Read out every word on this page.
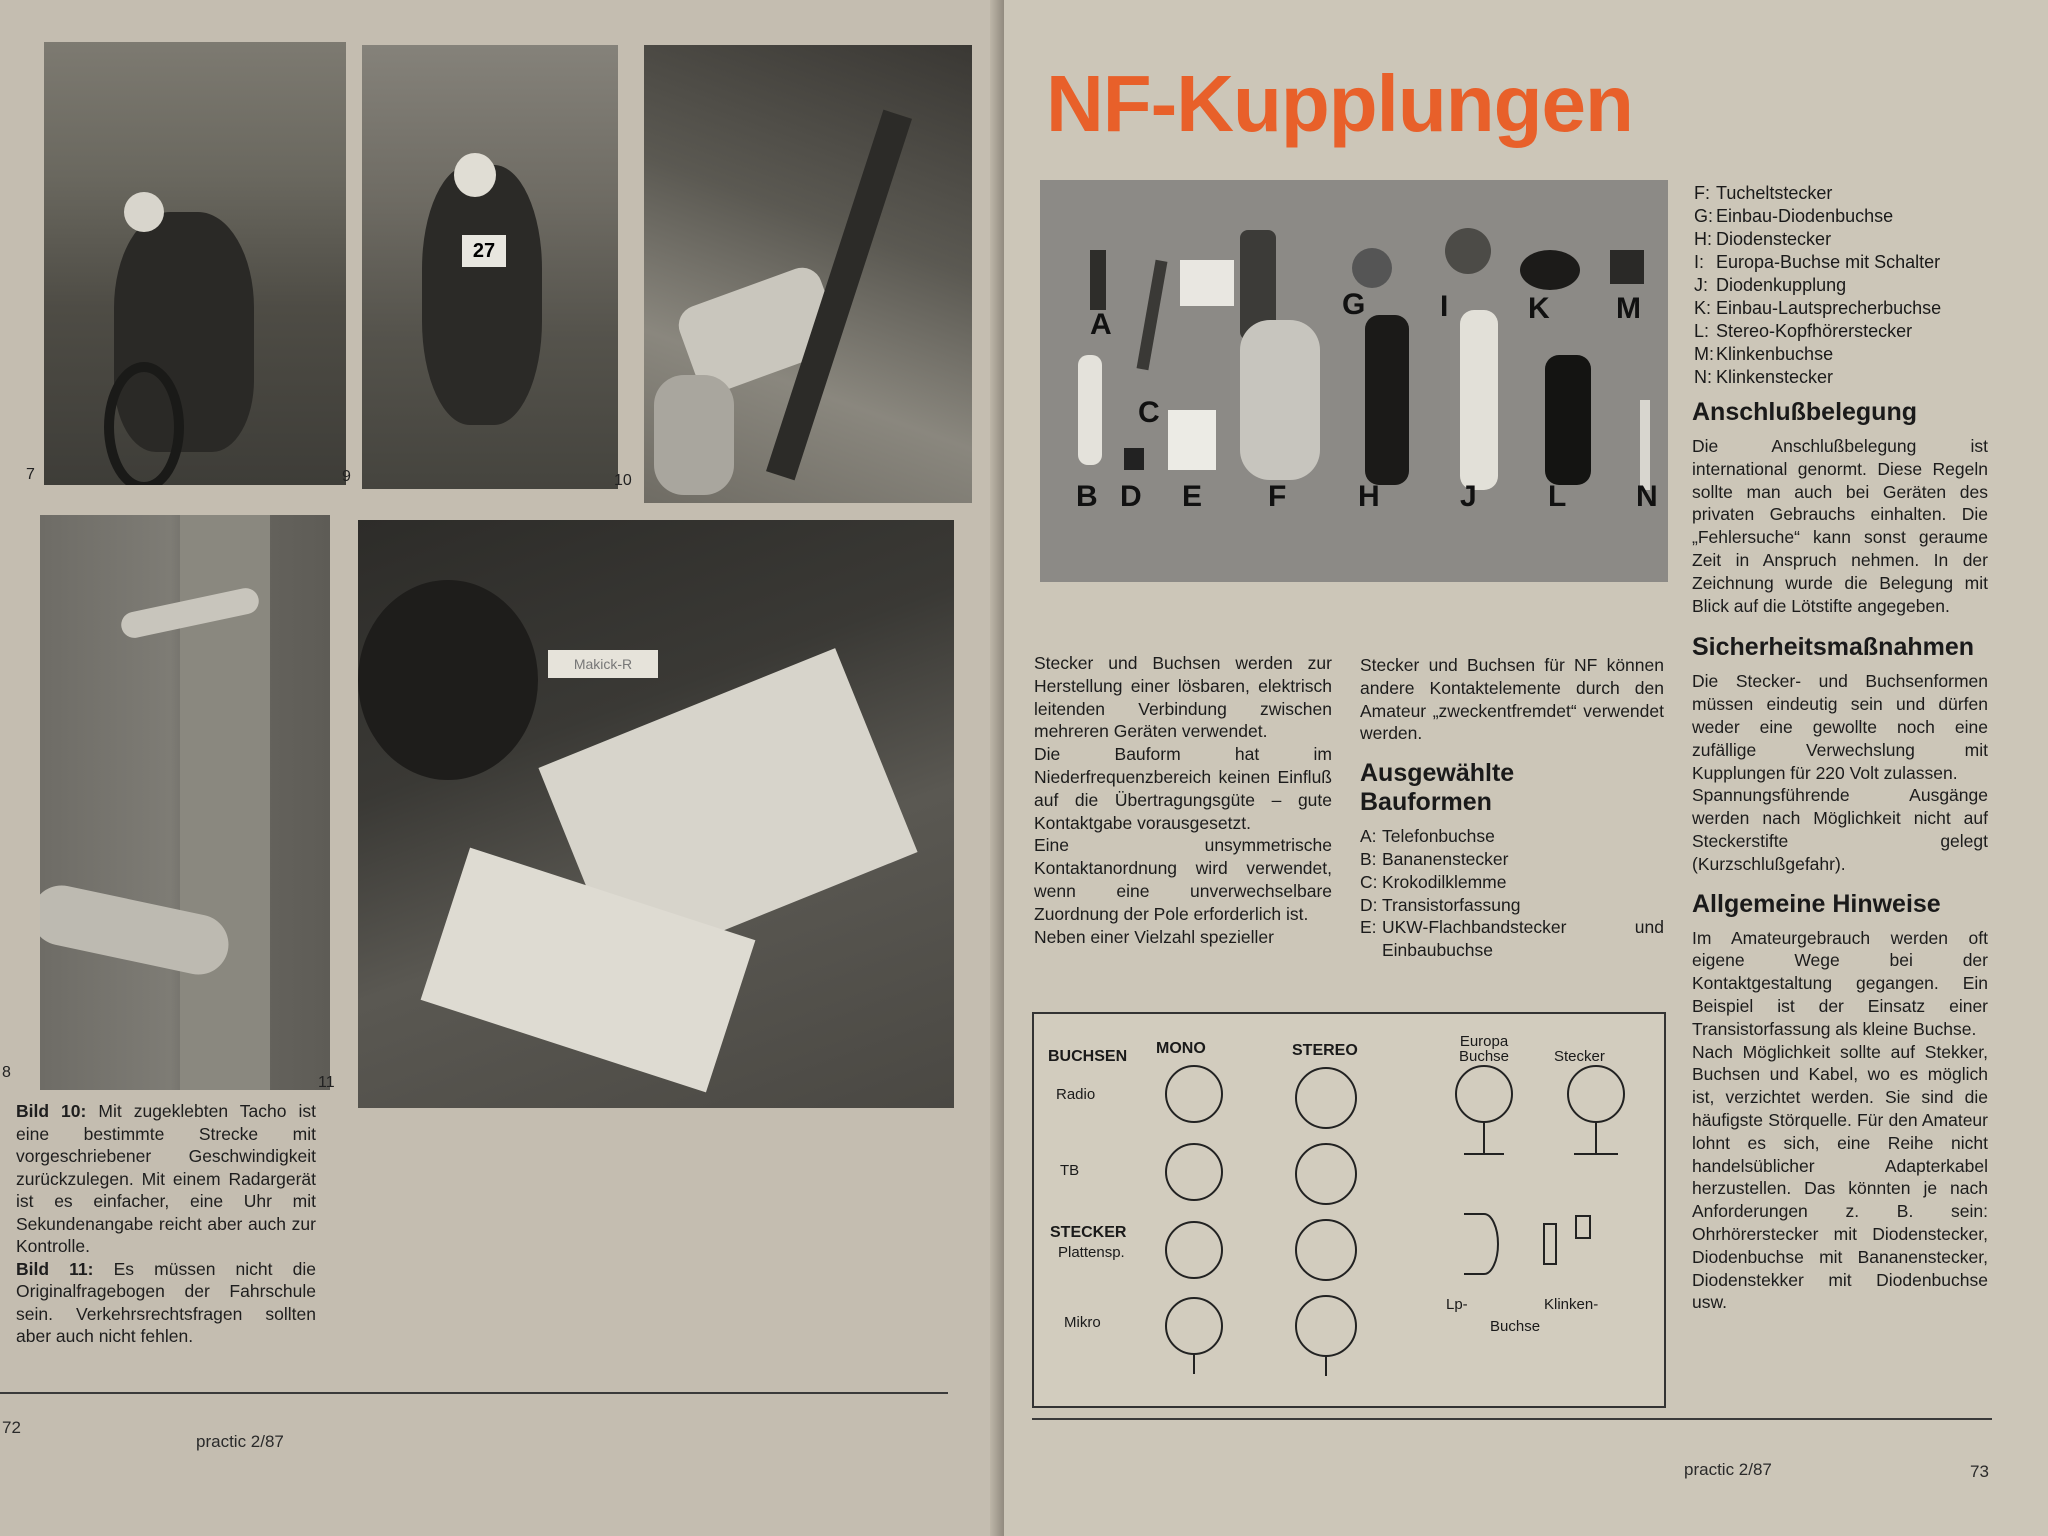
7
27
9	10
8
Makick-R
11
Bild 10: Mit zugeklebten Tacho ist eine bestimmte Strecke mit vorgeschriebener Geschwindigkeit zurückzulegen. Mit einem Radargerät ist es einfacher, eine Uhr mit Sekundenangabe reicht aber auch zur Kontrolle.
Bild 11: Es müssen nicht die Originalfragebogen der Fahrschule sein. Verkehrsrechtsfragen sollten aber auch nicht fehlen.
72
practic 2/87
NF-Kupplungen
A
G I	K M
C
B D E F H	J L N
F: Tucheltstecker
G: Einbau-Diodenbuchse
H: Diodenstecker
I: Europa-Buchse mit Schalter
J: Diodenkupplung
K: Einbau-Lautsprecherbuchse
L: Stereo-Kopfhörerstecker
M: Klinkenbuchse
N: Klinkenstecker
Anschlußbelegung

Die Anschlußbelegung ist international genormt. Diese Regeln sollte man auch bei Geräten des privaten Gebrauchs einhalten. Die „Fehlersuche“ kann sonst geraume Zeit in Anspruch nehmen. In der Zeichnung wurde die Belegung mit Blick auf die Lötstifte angegeben.

Sicherheitsmaßnahmen

Die Stecker- und Buchsenformen müssen eindeutig sein und dürfen weder eine gewollte noch eine zufällige Verwechslung mit Kupplungen für 220 Volt zulassen.

Spannungsführende Ausgänge werden nach Möglichkeit nicht auf Steckerstifte gelegt (Kurzschlußgefahr).

Allgemeine Hinweise

Im Amateurgebrauch werden oft eigene Wege bei der Kontaktgestaltung gegangen. Ein Beispiel ist der Einsatz einer Transistorfassung als kleine Buchse.

Nach Möglichkeit sollte auf Stekker, Buchsen und Kabel, wo es möglich ist, verzichtet werden. Sie sind die häufigste Störquelle. Für den Amateur lohnt es sich, eine Reihe nicht handelsüblicher Adapterkabel herzustellen. Das könnten je nach Anforderungen z. B. sein: Ohrhörerstecker mit Diodenstecker, Diodenbuchse mit Bananenstecker, Diodenstekker mit Diodenbuchse usw.

Stecker und Buchsen werden zur Herstellung einer lösbaren, elektrisch leitenden Verbindung zwischen mehreren Geräten verwendet.

Die Bauform hat im Niederfrequenzbereich keinen Einfluß auf die Übertragungsgüte – gute Kontaktgabe vorausgesetzt.

Eine unsymmetrische Kontaktanordnung wird verwendet, wenn eine unverwechselbare Zuordnung der Pole erforderlich ist.

Neben einer Vielzahl spezieller

Stecker und Buchsen für NF können andere Kontaktelemente durch den Amateur „zweckentfremdet“ verwendet werden.

Ausgewählte Bauformen
A: Telefonbuchse
B: Bananenstecker
C: Krokodilklemme
D: Transistorfassung
E: UKW-Flachbandstecker und Einbaubuchse
BUCHSEN MONO	STEREO
Radio
TB
STECKER
Plattensp.
Mikro
Europa Buchse	Stecker
Lp-	Klinken-
Buchse
practic 2/87	73
